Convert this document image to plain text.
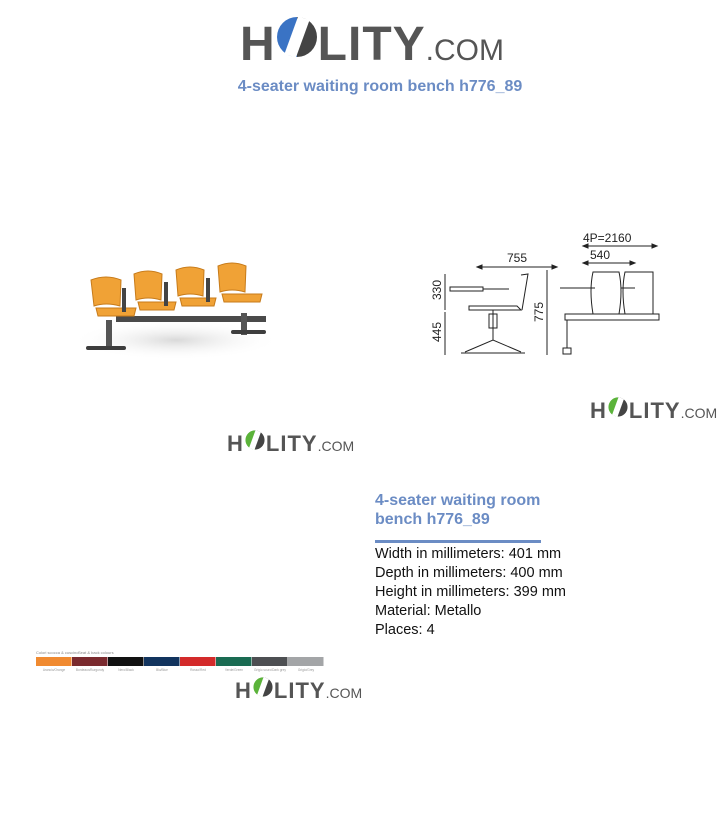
H LITY .COM
4-seater waiting room bench h776_89
755
330
445
775
4P=2160
540
H LITY .COM
H LITY .COM
Colori scocca & cuscino Seat & back colours
Arancio/Orange	Bordeaux/Burgundy	Nero/Black	Blu/Blue	Rosso/Red	Verde/Green	Grigio scuro/Dark grey	Grigio/Grey
H LITY .COM
4-seater waiting room bench h776_89
Width in millimeters: 401 mm
Depth in millimeters: 400 mm
Height in millimeters: 399 mm
Material: Metallo
Places: 4
